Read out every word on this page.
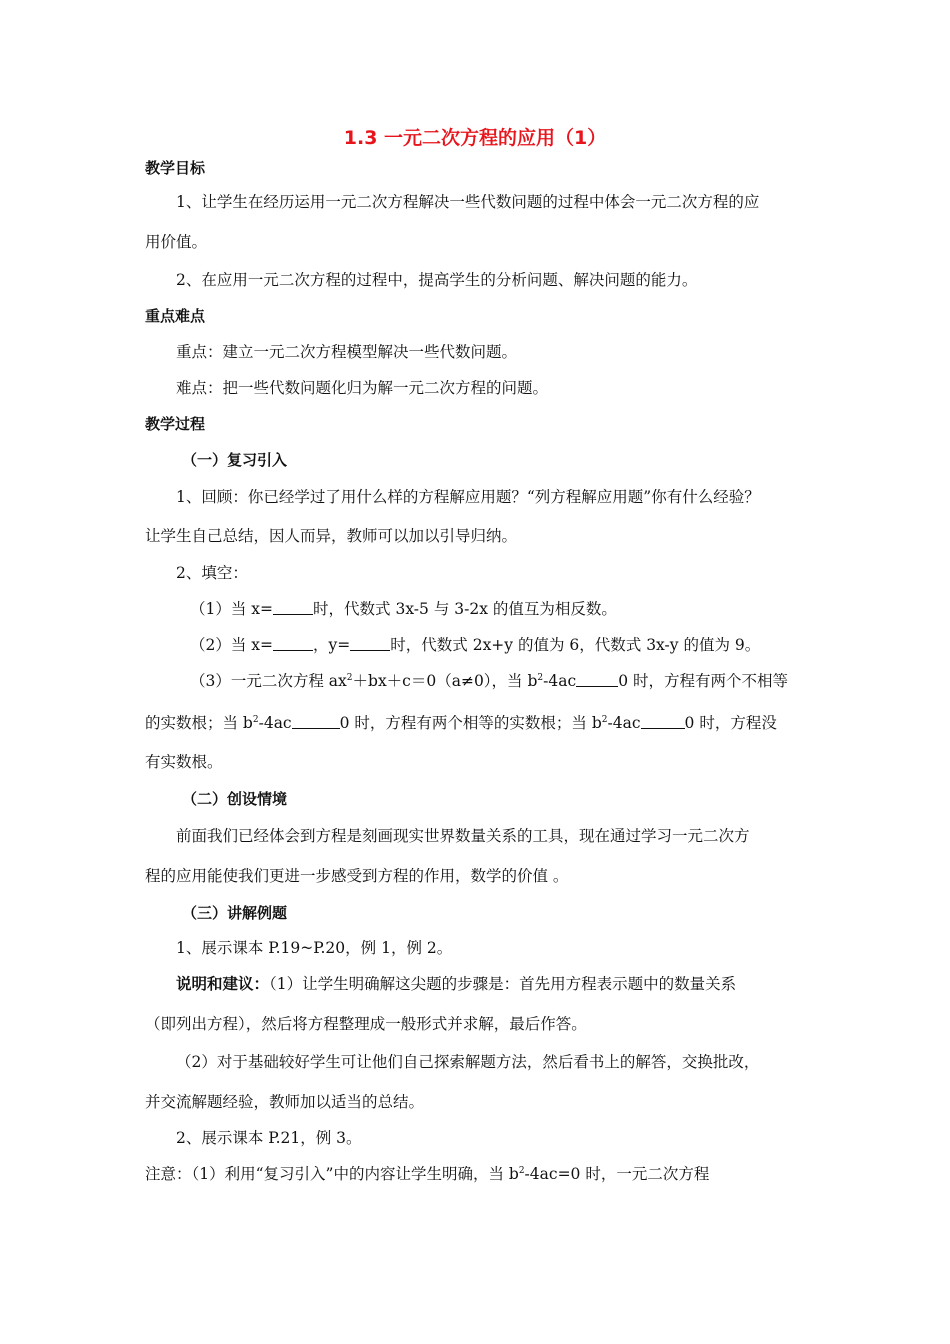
1.3 一元二次方程的应用（1）
教学目标
1、让学生在经历运用一元二次方程解决一些代数问题的过程中体会一元二次方程的应
用价值。
2、在应用一元二次方程的过程中，提高学生的分析问题、解决问题的能力。
重点难点
重点：建立一元二次方程模型解决一些代数问题。
难点：把一些代数问题化归为解一元二次方程的问题。
教学过程
（一）复习引入
1、回顾：你已经学过了用什么样的方程解应用题？“列方程解应用题”你有什么经验？
让学生自己总结，因人而异，教师可以加以引导归纳。
2、填空：
（1）当 x=	时，代数式 3x-5 与 3-2x 的值互为相反数。
（2）当 x=	，y=	时，代数式 2x+y 的值为 6，代数式 3x-y 的值为 9。
（3）一元二次方程 $ax^2+bx+c=0(a\ne 0)$，当 $b^2-4ac$	0 时，方程有两个不相等
的实数根；当 $b^2-4ac$	0 时，方程有两个相等的实数根；当 $b^2-4ac$	0 时，方程没
有实数根。
（二）创设情境
前面我们已经体会到方程是刻画现实世界数量关系的工具，现在通过学习一元二次方
程的应用能使我们更进一步感受到方程的作用，数学的价值 。
（三）讲解例题
1、展示课本 P.19~P.20，例 1，例 2。
说明和建议：（1）让学生明确解这尖题的步骤是：首先用方程表示题中的数量关系
（即列出方程），然后将方程整理成一般形式并求解，最后作答。
（2）对于基础较好学生可让他们自己探索解题方法，然后看书上的解答，交换批改，
并交流解题经验，教师加以适当的总结。
2、展示课本 P.21，例 3。
注意：（1）利用“复习引入”中的内容让学生明确，当 $b^2-4ac=0$ 时，一元二次方程
